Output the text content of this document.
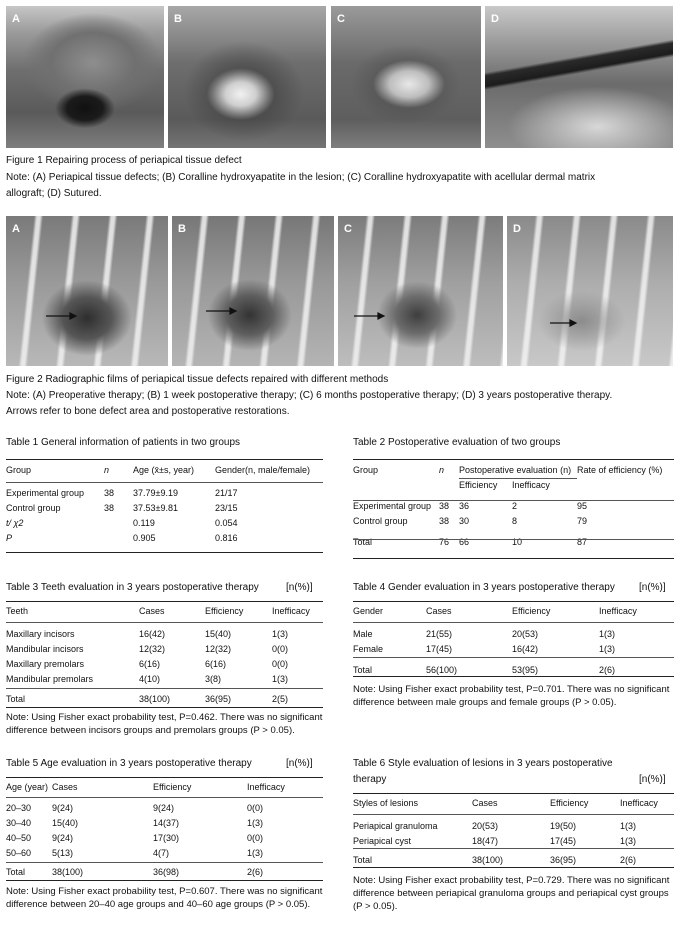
A	B	C	D
Figure 1 Repairing process of periapical tissue defect
Note: (A) Periapical tissue defects; (B) Coralline hydroxyapatite in the lesion; (C) Coralline hydroxyapatite with acellular dermal matrix
allograft; (D) Sutured.
A	B	C	D
Figure 2 Radiographic films of periapical tissue defects repaired with different methods
Note: (A) Preoperative therapy; (B) 1 week postoperative therapy; (C) 6 months postoperative therapy; (D) 3 years postoperative therapy.
Arrows refer to bone defect area and postoperative restorations.
Table 1 General information of patients in two groups
Group	n	Age (x̄±s, year)	Gender(n, male/female)

Experimental group	38	37.79±9.19	21/17
Control group	38	37.53±9.81	23/15
t/ χ2		0.119	0.054
P		0.905	0.816
Table 2 Postoperative evaluation of two groups
Group	n	Postoperative evaluation (n)		Rate of efficiency (%)
		Efficiency	Inefficacy	

Experimental group	38	36	2	95
Control group	38	30	8	79

Total	76	66	10	87
Table 3 Teeth evaluation in 3 years postoperative therapy	[n(%)]
Teeth	Cases	Efficiency	Inefficacy

Maxillary incisors	16(42)	15(40)	1(3)
Mandibular incisors	12(32)	12(32)	0(0)
Maxillary premolars	6(16)	6(16)	0(0)
Mandibular premolars	4(10)	3(8)	1(3)

Total	38(100)	36(95)	2(5)
Note: Using Fisher exact probability test, P=0.462. There was no significant
difference between incisors groups and premolars groups (P > 0.05).
Table 4 Gender evaluation in 3 years postoperative therapy [n(%)]
Gender	Cases	Efficiency	Inefficacy

Male	21(55)	20(53)	1(3)
Female	17(45)	16(42)	1(3)

Total	56(100)	53(95)	2(6)
Note: Using Fisher exact probability test, P=0.701. There was no significant
difference between male groups and female groups (P > 0.05).
Table 5 Age evaluation in 3 years postoperative therapy	[n(%)]
Age (year)	Cases	Efficiency	Inefficacy

20–30	9(24)	9(24)	0(0)
30–40	15(40)	14(37)	1(3)
40–50	9(24)	17(30)	0(0)
50–60	5(13)	4(7)	1(3)

Total	38(100)	36(98)	2(6)
Note: Using Fisher exact probability test, P=0.607. There was no significant
difference between 20–40 age groups and 40–60 age groups (P > 0.05).
Table 6 Style evaluation of lesions in 3 years postoperative
therapy	[n(%)]
Styles of lesions	Cases	Efficiency	Inefficacy

Periapical granuloma	20(53)	19(50)	1(3)
Periapical cyst	18(47)	17(45)	1(3)

Total	38(100)	36(95)	2(6)
Note: Using Fisher exact probability test, P=0.729. There was no significant
difference between periapical granuloma groups and periapical cyst groups
(P > 0.05).
